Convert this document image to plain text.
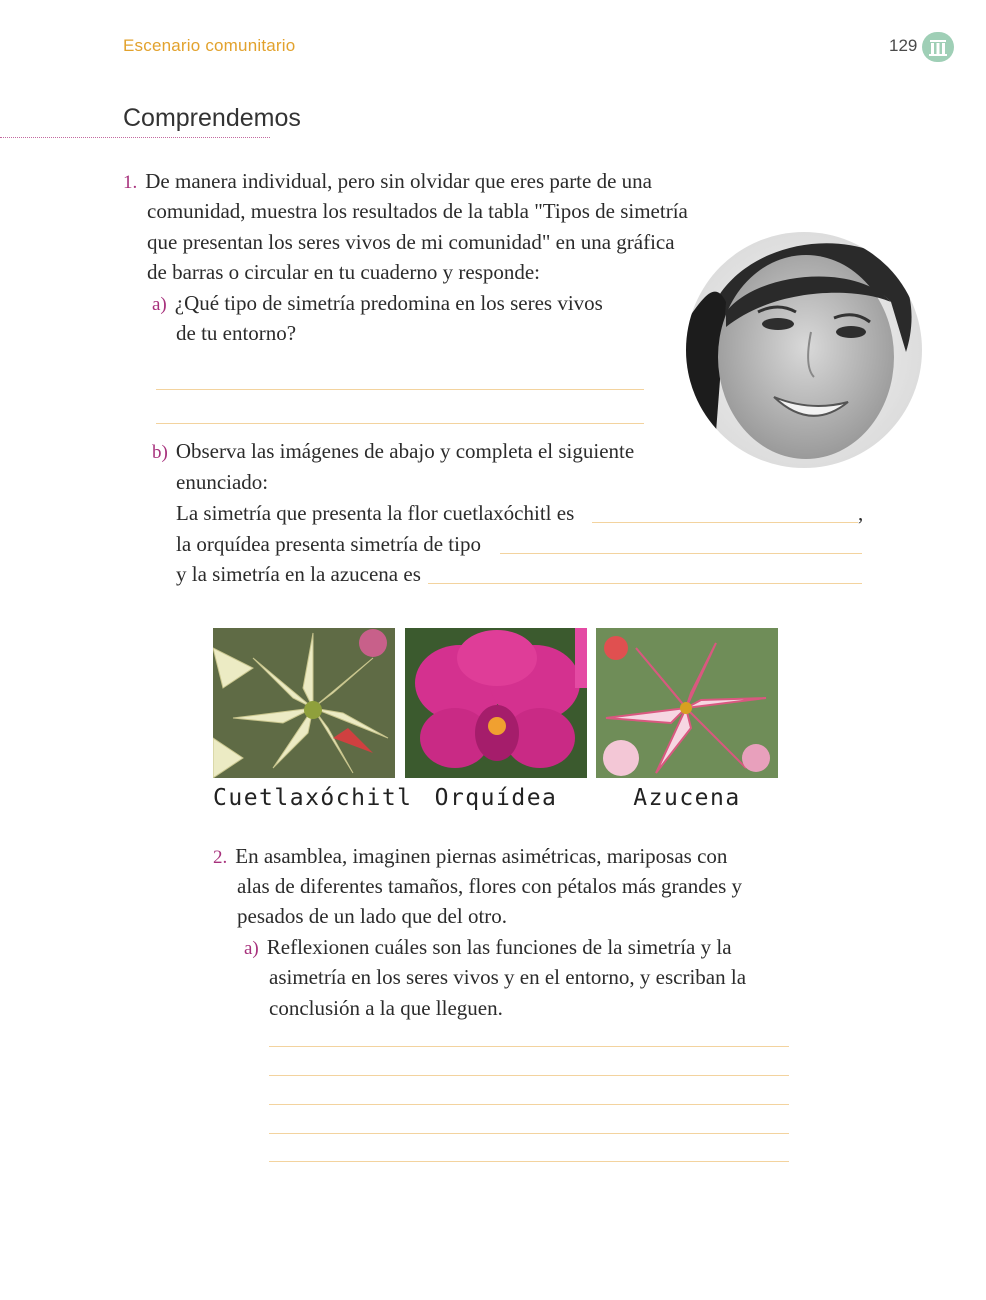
Escenario comunitario	129
Comprendemos
1. De manera individual, pero sin olvidar que eres parte de una
comunidad, muestra los resultados de la tabla "Tipos de simetría
que presentan los seres vivos de mi comunidad" en una gráfica
de barras o circular en tu cuaderno y responde:
a) ¿Qué tipo de simetría predomina en los seres vivos
de tu entorno?
b) Observa las imágenes de abajo y completa el siguiente
enunciado:
La simetría que presenta la flor cuetlaxóchitl es	,
la orquídea presenta simetría de tipo
y la simetría en la azucena es
Cuetlaxóchitl Orquídea	Azucena
2. En asamblea, imaginen piernas asimétricas, mariposas con
alas de diferentes tamaños, flores con pétalos más grandes y
pesados de un lado que del otro.
a) Reflexionen cuáles son las funciones de la simetría y la
asimetría en los seres vivos y en el entorno, y escriban la
conclusión a la que lleguen.
